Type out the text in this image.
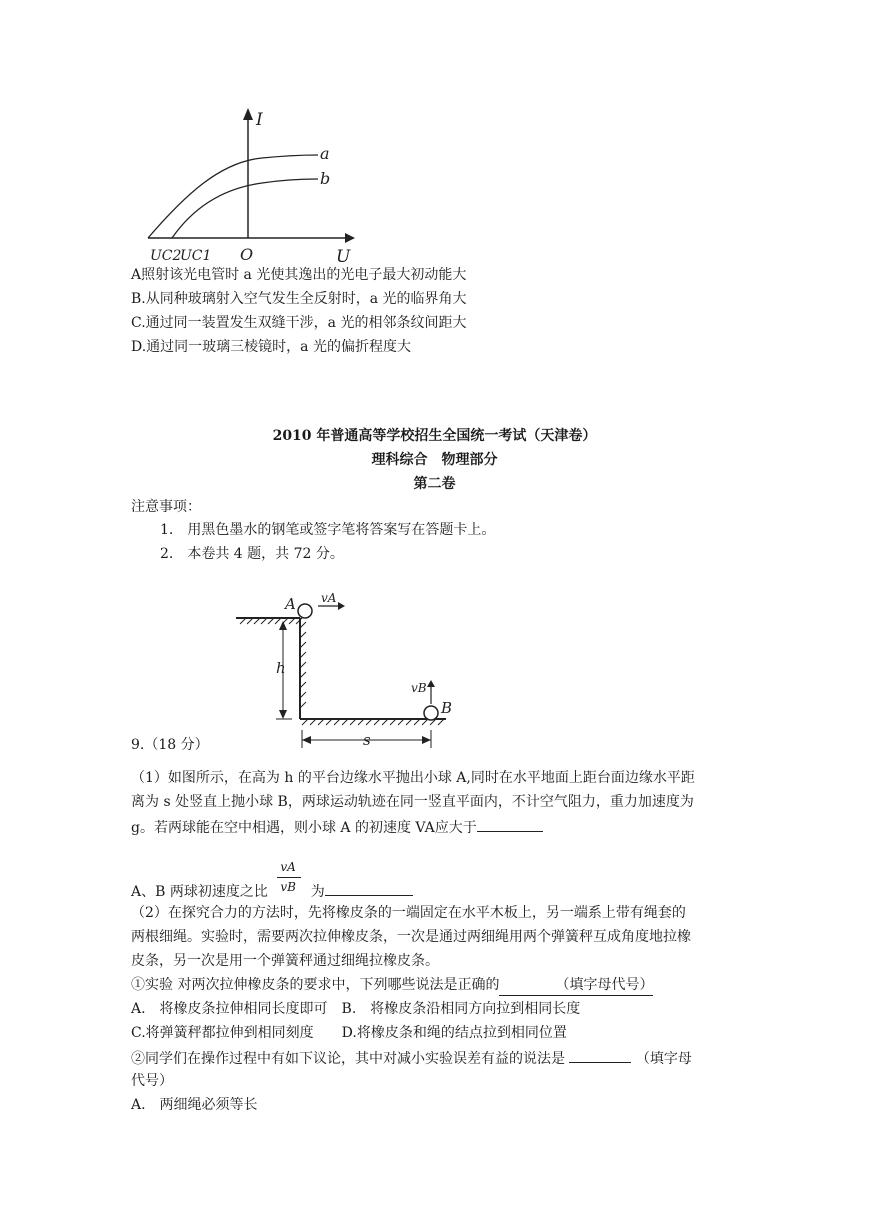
I
U
O
UC2
UC1
a
b
A照射该光电管时 a 光使其逸出的光电子最大初动能大
B.从同种玻璃射入空气发生全反射时，a 光的临界角大
C.通过同一装置发生双缝干涉，a 光的相邻条纹间距大
D.通过同一玻璃三棱镜时，a 光的偏折程度大
2010 年普通高等学校招生全国统一考试（天津卷）
理科综合　物理部分
第二卷
注意事项：
1.　用黑色墨水的钢笔或签字笔将答案写在答题卡上。
2.　本卷共 4 题，共 72 分。
A vA
h
vB
B
s
9.（18 分）
（1）如图所示，在高为 h 的平台边缘水平抛出小球 A,同时在水平地面上距台面边缘水平距
离为 s 处竖直上抛小球 B，两球运动轨迹在同一竖直平面内，不计空气阻力，重力加速度为
g。若两球能在空中相遇，则小球 A 的初速度 VA应大于
A、B 两球初速度之比 $\frac{vA}{vB}$ 为
（2）在探究合力的方法时，先将橡皮条的一端固定在水平木板上，另一端系上带有绳套的
两根细绳。实验时，需要两次拉伸橡皮条，一次是通过两细绳用两个弹簧秤互成角度地拉橡
皮条，另一次是用一个弹簧秤通过细绳拉橡皮条。
①实验 对两次拉伸橡皮条的要求中，下列哪些说法是正确的	（填字母代号）
A.　将橡皮条拉伸相同长度即可　B.　将橡皮条沿相同方向拉到相同长度
C.将弹簧秤都拉伸到相同刻度　　D.将橡皮条和绳的结点拉到相同位置
②同学们在操作过程中有如下议论，其中对减小实验误差有益的说法是	（填字母
代号）
A.　两细绳必须等长
